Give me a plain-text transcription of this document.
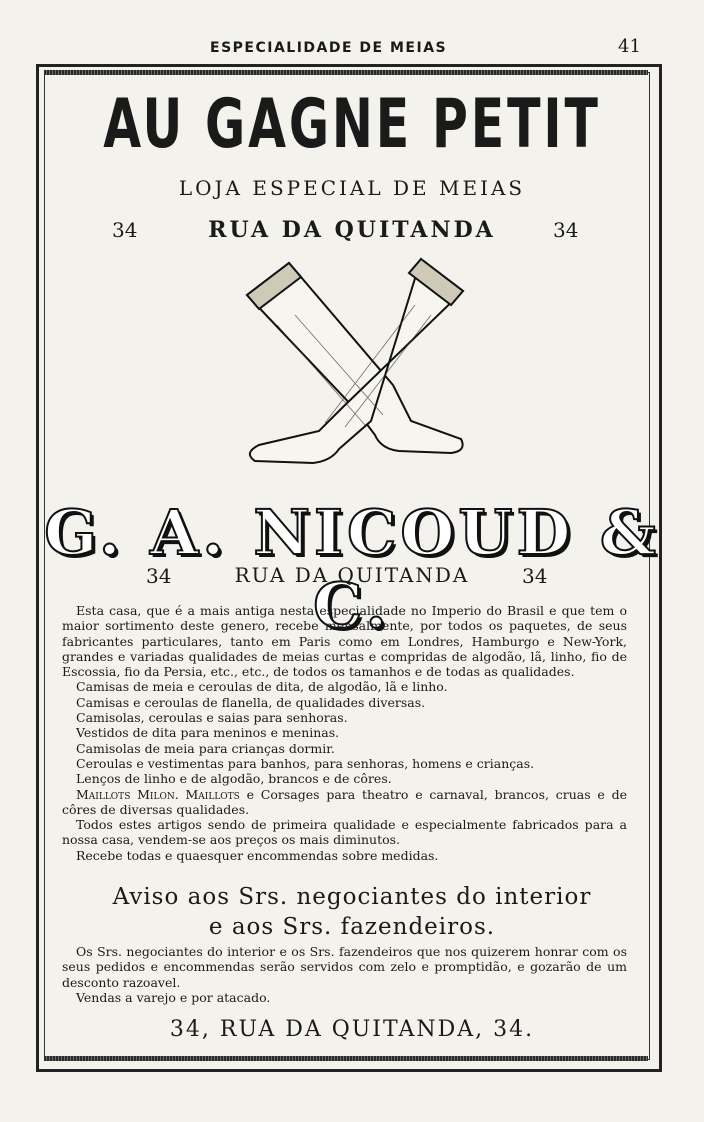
ESPECIALIDADE DE MEIAS	41
AU GAGNE PETIT
LOJA ESPECIAL DE MEIAS
34	RUA DA QUITANDA	34
G. A. NICOUD & C.
34	RUA DA QUITANDA	34

Esta casa, que é a mais antiga nesta especialidade no Imperio do Brasil e que tem o maior sortimento deste genero, recebe mensalmente, por todos os paquetes, de seus fabricantes particulares, tanto em Paris como em Londres, Hamburgo e New-York, grandes e variadas qualidades de meias curtas e compridas de algodão, lã, linho, fio de Escossia, fio da Persia, etc., etc., de todos os tamanhos e de todas as qualidades.

Camisas de meia e ceroulas de dita, de algodão, lã e linho.

Camisas e ceroulas de flanella, de qualidades diversas.

Camisolas, ceroulas e saias para senhoras.

Vestidos de dita para meninos e meninas.

Camisolas de meia para crianças dormir.

Ceroulas e vestimentas para banhos, para senhoras, homens e crianças.

Lenços de linho e de algodão, brancos e de côres.

Maillots Milon. Maillots e Corsages para theatro e carnaval, brancos, cruas e de côres de diversas qualidades.

Todos estes artigos sendo de primeira qualidade e especialmente fabricados para a nossa casa, vendem-se aos preços os mais diminutos.

Recebe todas e quaesquer encommendas sobre medidas.

Aviso aos Srs. negociantes do interior
e aos Srs. fazendeiros.

Os Srs. negociantes do interior e os Srs. fazendeiros que nos quizerem honrar com os seus pedidos e encommendas serão servidos com zelo e promptidão, e gozarão de um desconto razoavel.

Vendas a varejo e por atacado.

34, RUA DA QUITANDA, 34.
